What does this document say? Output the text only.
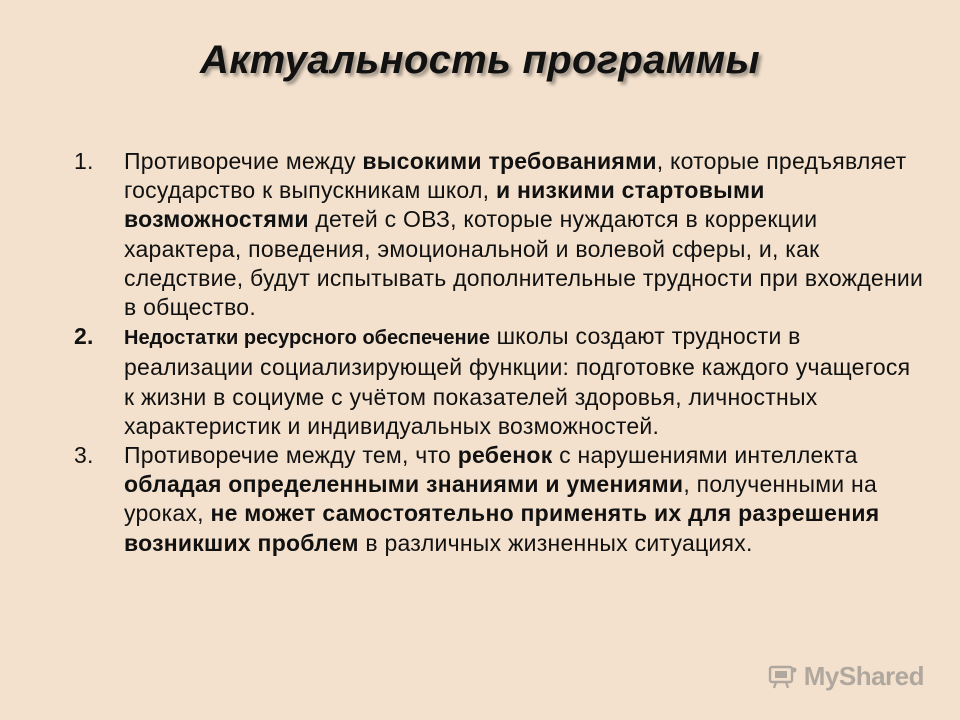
Актуальность программы
1.	Противоречие между высокими требованиями, которые предъявляет государство к выпускникам школ, и низкими стартовыми возможностями детей с ОВЗ, которые нуждаются в коррекции характера, поведения, эмоциональной и волевой сферы, и, как следствие, будут испытывать дополнительные трудности при вхождении в общество.
2.	Недостатки ресурсного обеспечение школы создают трудности в реализации социализирующей функции: подготовке каждого учащегося к жизни в социуме с учётом показателей здоровья, личностных характеристик и индивидуальных возможностей.
3.	Противоречие между тем, что ребенок с нарушениями интеллекта обладая определенными знаниями и умениями, полученными на уроках, не может самостоятельно применять их для разрешения возникших проблем в различных жизненных ситуациях.
MyShared
